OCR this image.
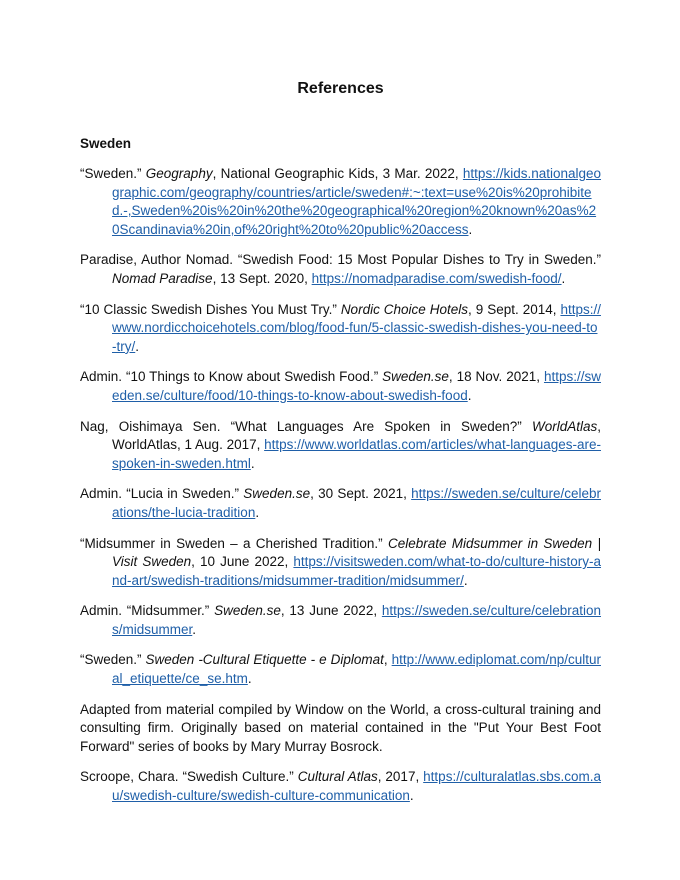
References
Sweden

“Sweden.” Geography, National Geographic Kids, 3 Mar. 2022, https://kids.nationalgeographic.com/geography/countries/article/sweden#:~:text=use%20is%20prohibited.-,Sweden%20is%20in%20the%20geographical%20region%20known%20as%20Scandinavia%20in,of%20right%20to%20public%20access.

Paradise, Author Nomad. “Swedish Food: 15 Most Popular Dishes to Try in Sweden.” Nomad Paradise, 13 Sept. 2020, https://nomadparadise.com/swedish-food/.

“10 Classic Swedish Dishes You Must Try.” Nordic Choice Hotels, 9 Sept. 2014, https://www.nordicchoicehotels.com/blog/food-fun/5-classic-swedish-dishes-you-need-to-try/.

Admin. “10 Things to Know about Swedish Food.” Sweden.se, 18 Nov. 2021, https://sweden.se/culture/food/10-things-to-know-about-swedish-food.

Nag, Oishimaya Sen. “What Languages Are Spoken in Sweden?” WorldAtlas, WorldAtlas, 1 Aug. 2017, https://www.worldatlas.com/articles/what-languages-are-spoken-in-sweden.html.

Admin. “Lucia in Sweden.” Sweden.se, 30 Sept. 2021, https://sweden.se/culture/celebrations/the-lucia-tradition.

“Midsummer in Sweden – a Cherished Tradition.” Celebrate Midsummer in Sweden | Visit Sweden, 10 June 2022, https://visitsweden.com/what-to-do/culture-history-and-art/swedish-traditions/midsummer-tradition/midsummer/.

Admin. “Midsummer.” Sweden.se, 13 June 2022, https://sweden.se/culture/celebrations/midsummer.

“Sweden.” Sweden -Cultural Etiquette - e Diplomat, http://www.ediplomat.com/np/cultural_etiquette/ce_se.htm.

Adapted from material compiled by Window on the World, a cross-cultural training and consulting firm. Originally based on material contained in the "Put Your Best Foot Forward" series of books by Mary Murray Bosrock.

Scroope, Chara. “Swedish Culture.” Cultural Atlas, 2017, https://culturalatlas.sbs.com.au/swedish-culture/swedish-culture-communication.
